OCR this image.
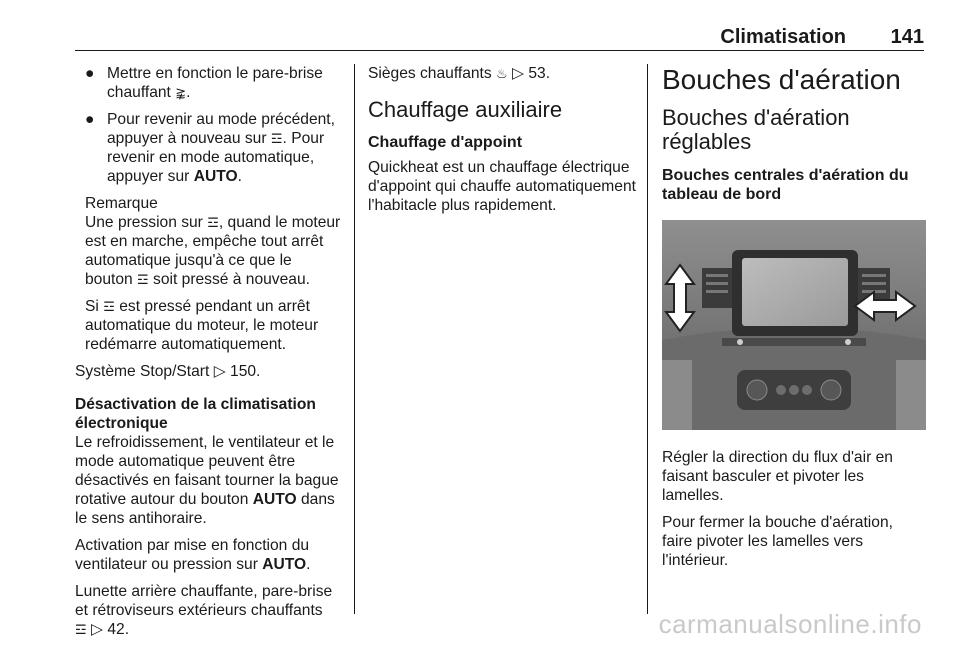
Climatisation 141
● Mettre en fonction le pare-brise chauffant ⪊.
● Pour revenir au mode précédent, appuyer à nouveau sur ☲. Pour revenir en mode automatique, appuyer sur AUTO.

Remarque
Une pression sur ☲, quand le moteur est en marche, empêche tout arrêt automatique jusqu'à ce que le bouton ☲ soit pressé à nouveau.

Si ☲ est pressé pendant un arrêt automatique du moteur, le moteur redémarre automatiquement.

Système Stop/Start ▷ 150.

Désactivation de la climatisation électronique

Le refroidissement, le ventilateur et le mode automatique peuvent être désactivés en faisant tourner la bague rotative autour du bouton AUTO dans le sens antihoraire.

Activation par mise en fonction du ventilateur ou pression sur AUTO.

Lunette arrière chauffante, pare-brise et rétroviseurs extérieurs chauffants
☲ ▷ 42.

Sièges chauffants ♨ ▷ 53.

Chauffage auxiliaire
Chauffage d'appoint

Quickheat est un chauffage électrique d'appoint qui chauffe automatiquement l'habitacle plus rapidement.

Bouches d'aération
Bouches d'aération réglables
Bouches centrales d'aération du tableau de bord

Régler la direction du flux d'air en faisant basculer et pivoter les lamelles.

Pour fermer la bouche d'aération, faire pivoter les lamelles vers l'intérieur.

carmanualsonline.info
